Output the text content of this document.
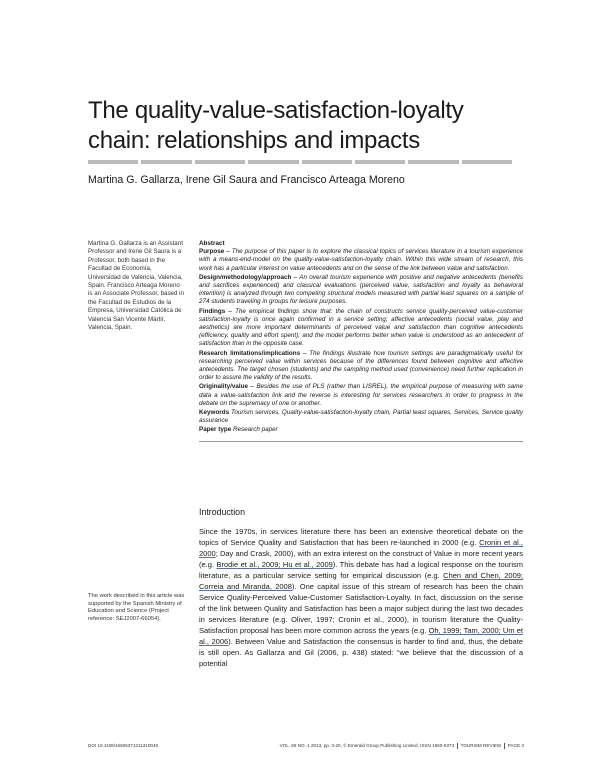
The quality-value-satisfaction-loyalty chain: relationships and impacts
Martina G. Gallarza, Irene Gil Saura and Francisco Arteaga Moreno
Martina G. Gallarza is an Assistant Professor and Irene Gil Saura is a Professor, both based in the Facultad de Economía, Universidad de València, Valencia, Spain. Francisco Arteaga Moreno is an Associate Professor, based in the Facultad de Estudios de la Empresa, Universidad Católica de Valencia San Vicente Mártir, Valencia, Spain.
The work described in this article was supported by the Spanish Ministry of Education and Science (Project reference: SEJ2007-66054).
Abstract

Purpose – The purpose of this paper is to explore the classical topics of services literature in a tourism experience with a means-end-model on the quality-value-satisfaction-loyalty chain. Within this wide stream of research, this work has a particular interest on value antecedents and on the sense of the link between value and satisfaction.

Design/methodology/approach – An overall tourism experience with positive and negative antecedents (benefits and sacrifices experienced) and classical evaluations (perceived value, satisfaction and loyalty as behavioral intention) is analyzed through two competing structural models measured with partial least squares on a sample of 274 students traveling in groups for leisure purposes.

Findings – The empirical findings show that: the chain of constructs service quality-perceived value-customer satisfaction-loyalty is once again confirmed in a service setting; affective antecedents (social value, play and aesthetics) are more important determinants of perceived value and satisfaction than cognitive antecedents (efficiency, quality and effort spent); and the model performs better when value is understood as an antecedent of satisfaction than in the opposite case.

Research limitations/implications – The findings illustrate how tourism settings are paradigmatically useful for researching perceived value within services because of the differences found between cognitive and affective antecedents. The target chosen (students) and the sampling method used (convenience) need further replication in order to assure the validity of the results.

Originality/value – Besides the use of PLS (rather than LISREL), the empirical purpose of measuring with same data a value-satisfaction link and the reverse is interesting for services researchers in order to progress in the debate on the supremacy of one or another.

Keywords Tourism services, Quality-value-satisfaction-loyalty chain, Partial least squares, Services, Service quality assurance

Paper type Research paper

Introduction

Since the 1970s, in services literature there has been an extensive theoretical debate on the topics of Service Quality and Satisfaction that has been re-launched in 2000 (e.g. Cronin et al., 2000; Day and Crask, 2000), with an extra interest on the construct of Value in more recent years (e.g. Brodie et al., 2009; Hu et al., 2009). This debate has had a logical response on the tourism literature, as a particular service setting for empirical discussion (e.g. Chen and Chen, 2009; Correia and Miranda, 2008). One capital issue of this stream of research has been the chain Service Quality-Perceived Value-Customer Satisfaction-Loyalty. In fact, discussion on the sense of the link between Quality and Satisfaction has been a major subject during the last two decades in services literature (e.g. Oliver, 1997; Cronin et al., 2000), in tourism literature the Quality-Satisfaction proposal has been more common across the years (e.g. Oh, 1999; Tam, 2000; Um et al., 2006). Between Value and Satisfaction the consensus is harder to find and, thus, the debate is still open. As Gallarza and Gil (2006, p. 438) stated: “we believe that the discussion of a potential

DOI 10.1108/16605371311310048	VOL. 68 NO. 1 2013, pp. 3-20, © Emerald Group Publishing Limited, ISSN 1660-5373 TOURISM REVIEW PAGE 3
